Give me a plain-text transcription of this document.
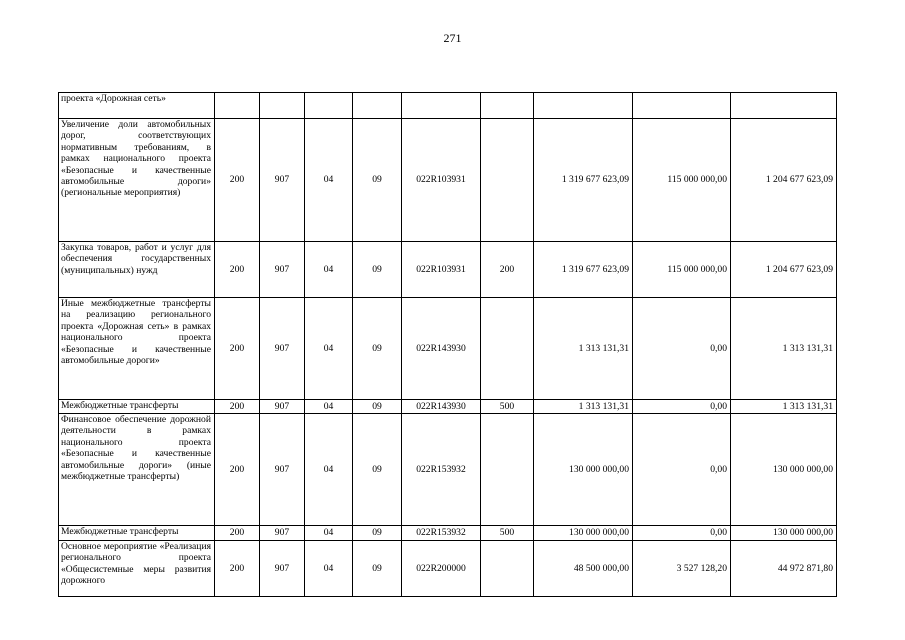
271
проекта «Дорожная сеть»									
Увеличение доли автомобильных дорог, соответствующих нормативным требованиям, в рамках национального проекта «Безопасные и качественные автомобильные дороги» (региональные мероприятия)	200	907	04	09	022R103931		1 319 677 623,09	115 000 000,00	1 204 677 623,09
Закупка товаров, работ и услуг для обеспечения государственных (муниципальных) нужд	200	907	04	09	022R103931	200	1 319 677 623,09	115 000 000,00	1 204 677 623,09
Иные межбюджетные трансферты на реализацию регионального проекта «Дорожная сеть» в рамках национального проекта «Безопасные и качественные автомобильные дороги»	200	907	04	09	022R143930		1 313 131,31	0,00	1 313 131,31
Межбюджетные трансферты	200	907	04	09	022R143930	500	1 313 131,31	0,00	1 313 131,31
Финансовое обеспечение дорожной деятельности в рамках национального проекта «Безопасные и качественные автомобильные дороги» (иные межбюджетные трансферты)	200	907	04	09	022R153932		130 000 000,00	0,00	130 000 000,00
Межбюджетные трансферты	200	907	04	09	022R153932	500	130 000 000,00	0,00	130 000 000,00
Основное мероприятие «Реализация регионального проекта «Общесистемные меры развития дорожного	200	907	04	09	022R200000		48 500 000,00	3 527 128,20	44 972 871,80
